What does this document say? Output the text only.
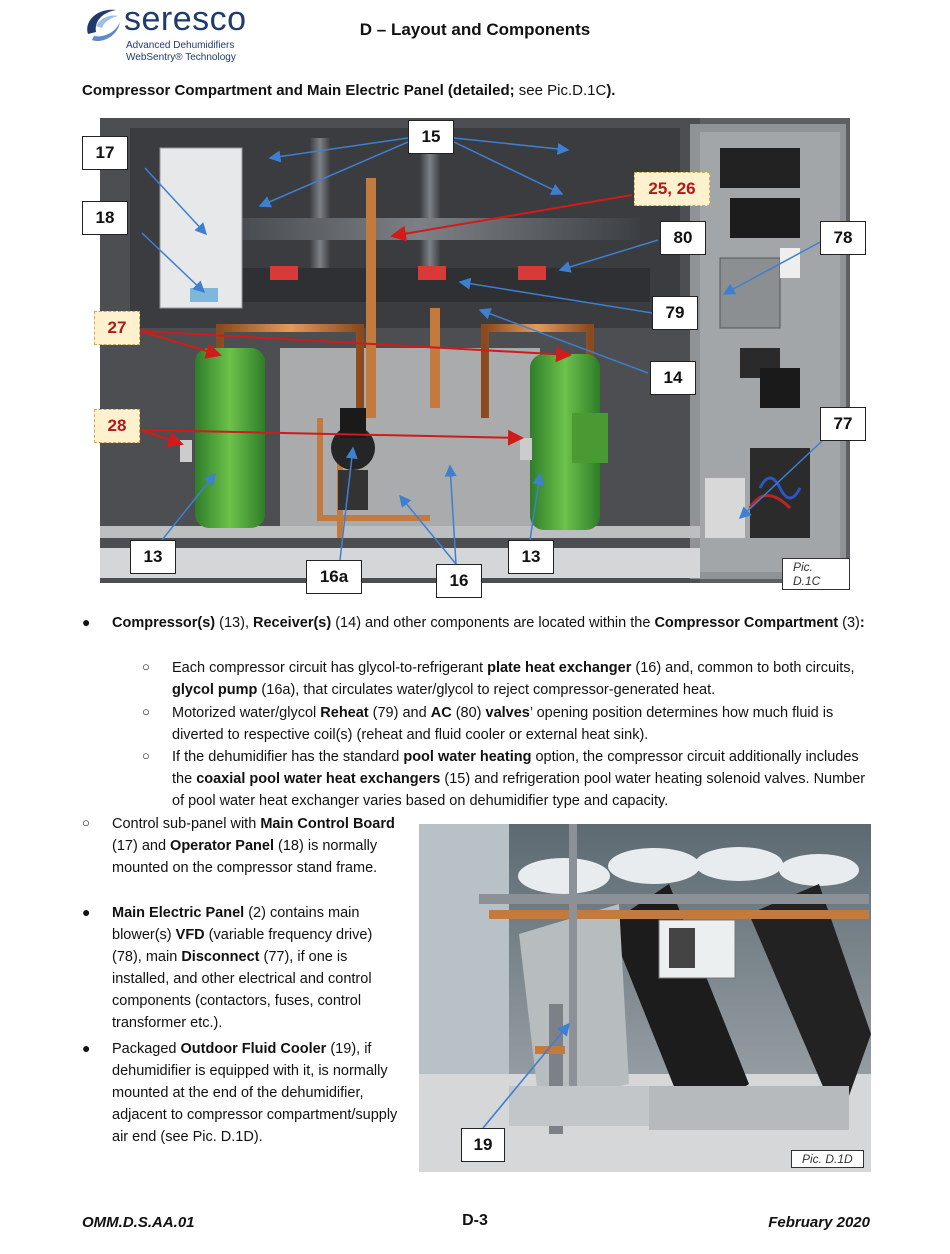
seresco
Advanced Dehumidifiers
WebSentry® Technology
D – Layout and Components
Compressor Compartment and Main Electric Panel (detailed; see Pic.D.1C).
15
17
25, 26
18
80	78
79
27
14
28	77
13	13
16a	16
Pic. D.1C
● Compressor(s) (13), Receiver(s) (14) and other components are located within the Compressor Compartment (3):
○ Each compressor circuit has glycol-to-refrigerant plate heat exchanger (16) and, common to both circuits, glycol pump (16a), that circulates water/glycol to reject compressor-generated heat.
○ Motorized water/glycol Reheat (79) and AC (80) valves’ opening position determines how much fluid is diverted to respective coil(s) (reheat and fluid cooler or external heat sink).
○ If the dehumidifier has the standard pool water heating option, the compressor circuit additionally includes the coaxial pool water heat exchangers (15) and refrigeration pool water heating solenoid valves. Number of pool water heat exchanger varies based on dehumidifier type and capacity.
○ Control sub-panel with Main Control Board (17) and Operator Panel (18) is normally mounted on the compressor stand frame.
● Main Electric Panel (2) contains main blower(s) VFD (variable frequency drive) (78), main Disconnect (77), if one is installed, and other electrical and control components (contactors, fuses, control transformer etc.).
● Packaged Outdoor Fluid Cooler (19), if dehumidifier is equipped with it, is normally mounted at the end of the dehumidifier, adjacent to compressor compartment/supply air end (see Pic. D.1D).	19
Pic. D.1D
OMM.D.S.AA.01	D-3	February 2020
